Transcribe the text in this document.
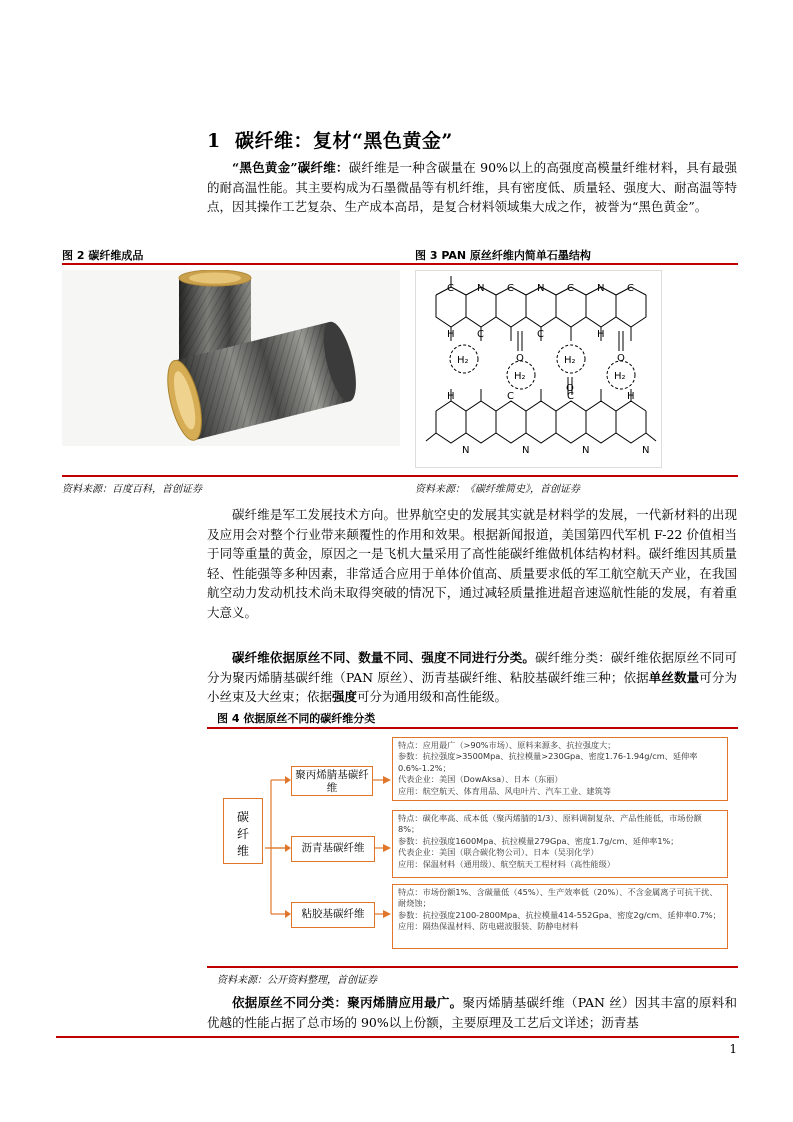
1 碳纤维：复材“黑色黄金”
“黑色黄金”碳纤维：碳纤维是一种含碳量在 90%以上的高强度高模量纤维材料，具有最强的耐高温性能。其主要构成为石墨微晶等有机纤维，具有密度低、质量轻、强度大、耐高温等特点，因其操作工艺复杂、生产成本高昂，是复合材料领域集大成之作，被誉为“黑色黄金”。
图 2 碳纤维成品	图 3 PAN 原丝纤维内简单石墨结构
C N C N C N C
H C	C	H
O	O
O
H₂
H₂
H₂
H₂
H	C	C	H
N	N	N	N
资料来源：百度百科，首创证券	资料来源：《碳纤维简史》，首创证券
碳纤维是军工发展技术方向。世界航空史的发展其实就是材料学的发展，一代新材料的出现及应用会对整个行业带来颠覆性的作用和效果。根据新闻报道，美国第四代军机 F-22 价值相当于同等重量的黄金，原因之一是飞机大量采用了高性能碳纤维做机体结构材料。碳纤维因其质量轻、性能强等多种因素，非常适合应用于单体价值高、质量要求低的军工航空航天产业，在我国航空动力发动机技术尚未取得突破的情况下，通过减轻质量推进超音速巡航性能的发展，有着重大意义。
碳纤维依据原丝不同、数量不同、强度不同进行分类。碳纤维分类：碳纤维依据原丝不同可分为聚丙烯腈基碳纤维（PAN 原丝）、沥青基碳纤维、粘胶基碳纤维三种；依据单丝数量可分为小丝束及大丝束；依据强度可分为通用级和高性能级。
图 4 依据原丝不同的碳纤维分类
碳
纤
维
聚丙烯腈基碳纤维
沥青基碳纤维
粘胶基碳纤维
特点：应用最广（>90%市场）、原料来源多、抗拉强度大；
参数：抗拉强度>3500Mpa、抗拉模量>230Gpa、密度1.76-1.94g/cm、延伸率0.6%-1.2%；
代表企业：美国（DowAksa）、日本（东丽）
应用：航空航天、体育用品、风电叶片、汽车工业、建筑等
特点：碳化率高、成本低（聚丙烯腈的1/3）、原料调制复杂、产品性能低，市场份额8%；
参数：抗拉强度1600Mpa、抗拉模量279Gpa、密度1.7g/cm、延伸率1%；
代表企业：美国（联合碳化物公司）、日本（吴羽化学）
应用：保温材料（通用级）、航空航天工程材料（高性能级）
特点：市场份额1%、含碳量低（45%）、生产效率低（20%）、不含金属离子可抗干扰、耐烧蚀；
参数：抗拉强度2100-2800Mpa、抗拉模量414-552Gpa、密度2g/cm、延伸率0.7%；
应用：隔热保温材料、防电磁波服装、防静电材料
资料来源：公开资料整理，首创证券
依据原丝不同分类：聚丙烯腈应用最广。聚丙烯腈基碳纤维（PAN 丝）因其丰富的原料和优越的性能占据了总市场的 90%以上份额，主要原理及工艺后文详述；沥青基
1
